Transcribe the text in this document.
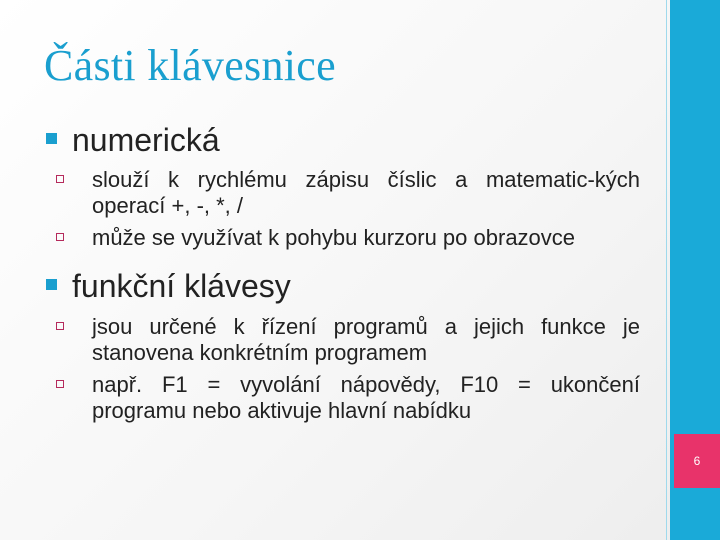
Části klávesnice
numerická
slouží k rychlému zápisu číslic a matematic-kých operací +, -, *, /
může se využívat k pohybu kurzoru po obrazovce
funkční klávesy
jsou určené k řízení programů a jejich funkce je stanovena konkrétním programem
např. F1 = vyvolání nápovědy, F10 = ukončení programu nebo aktivuje hlavní nabídku
6
